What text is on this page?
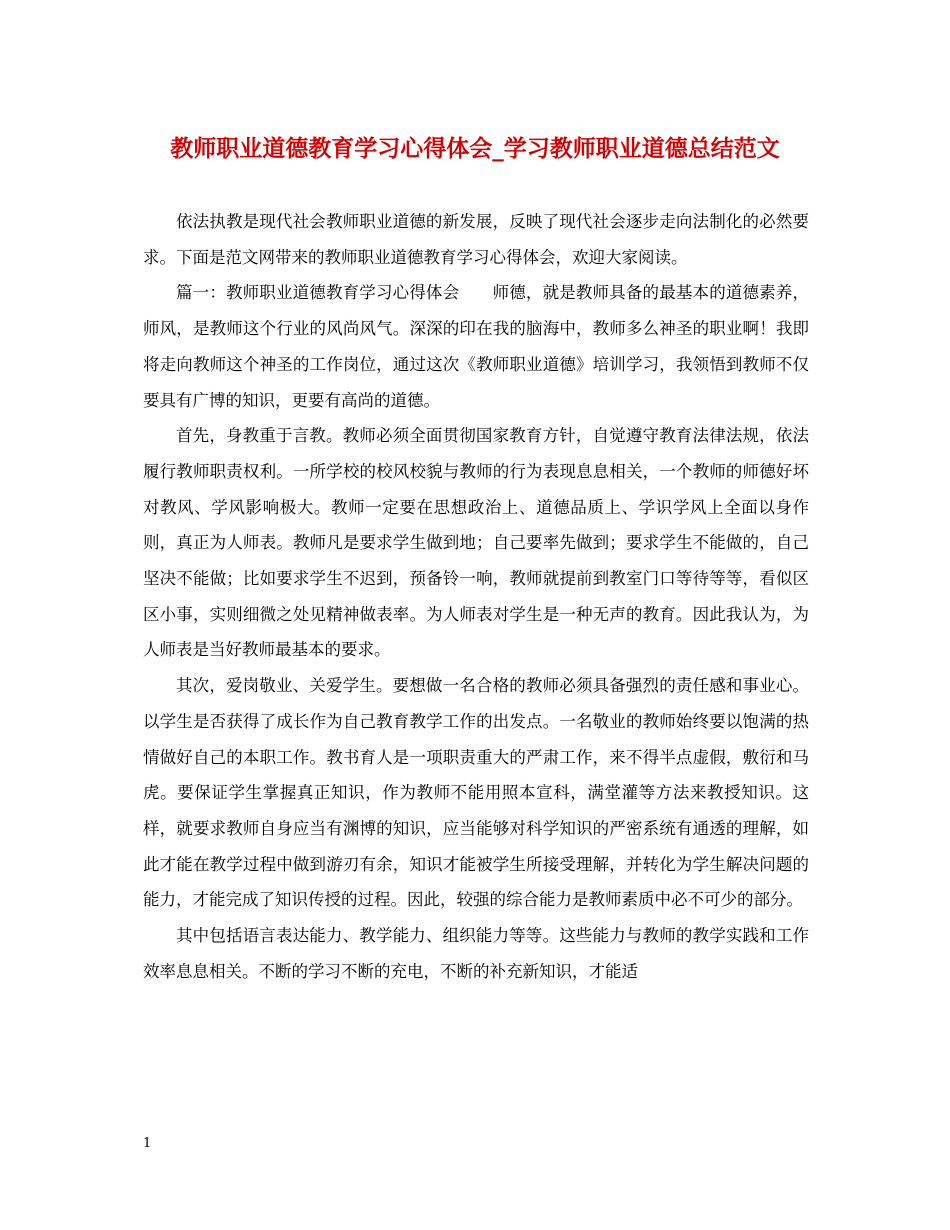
教师职业道德教育学习心得体会_学习教师职业道德总结范文

依法执教是现代社会教师职业道德的新发展，反映了现代社会逐步走向法制化的必然要求。下面是范文网带来的教师职业道德教育学习心得体会，欢迎大家阅读。

篇一：教师职业道德教育学习心得体会　　师德，就是教师具备的最基本的道德素养，师风，是教师这个行业的风尚风气。深深的印在我的脑海中，教师多么神圣的职业啊！我即将走向教师这个神圣的工作岗位，通过这次《教师职业道德》培训学习，我领悟到教师不仅要具有广博的知识，更要有高尚的道德。

首先，身教重于言教。教师必须全面贯彻国家教育方针，自觉遵守教育法律法规，依法履行教师职责权利。一所学校的校风校貌与教师的行为表现息息相关，一个教师的师德好坏对教风、学风影响极大。教师一定要在思想政治上、道德品质上、学识学风上全面以身作则，真正为人师表。教师凡是要求学生做到地；自己要率先做到；要求学生不能做的，自己坚决不能做；比如要求学生不迟到，预备铃一响，教师就提前到教室门口等待等等，看似区区小事，实则细微之处见精神做表率。为人师表对学生是一种无声的教育。因此我认为，为人师表是当好教师最基本的要求。

其次，爱岗敬业、关爱学生。要想做一名合格的教师必须具备强烈的责任感和事业心。以学生是否获得了成长作为自己教育教学工作的出发点。一名敬业的教师始终要以饱满的热情做好自己的本职工作。教书育人是一项职责重大的严肃工作，来不得半点虚假，敷衍和马虎。要保证学生掌握真正知识，作为教师不能用照本宣科，满堂灌等方法来教授知识。这样，就要求教师自身应当有渊博的知识，应当能够对科学知识的严密系统有通透的理解，如此才能在教学过程中做到游刃有余，知识才能被学生所接受理解，并转化为学生解决问题的能力，才能完成了知识传授的过程。因此，较强的综合能力是教师素质中必不可少的部分。

其中包括语言表达能力、教学能力、组织能力等等。这些能力与教师的教学实践和工作效率息息相关。不断的学习不断的充电，不断的补充新知识，才能适

1
